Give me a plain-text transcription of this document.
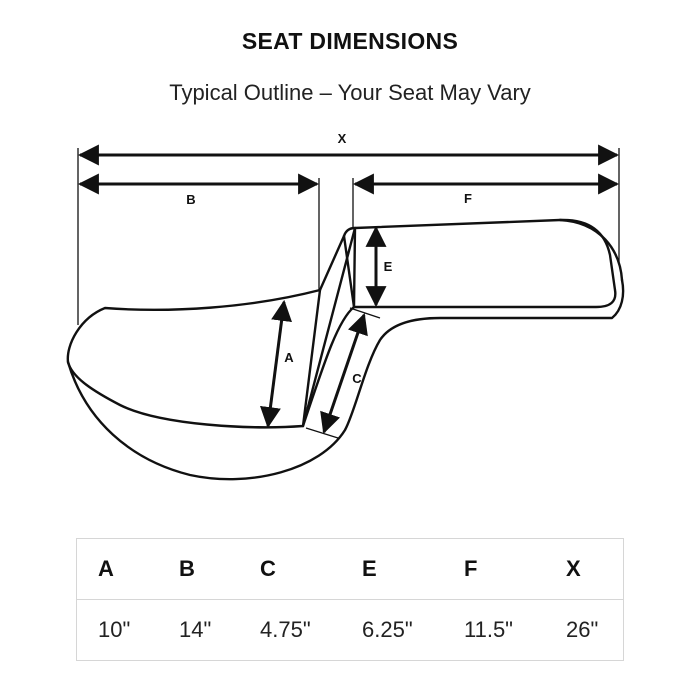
SEAT DIMENSIONS
Typical Outline – Your Seat May Vary
X
B	F
E
A
C
A	B	C	E	F	X
10"	14"	4.75"	6.25"	11.5"	26"
